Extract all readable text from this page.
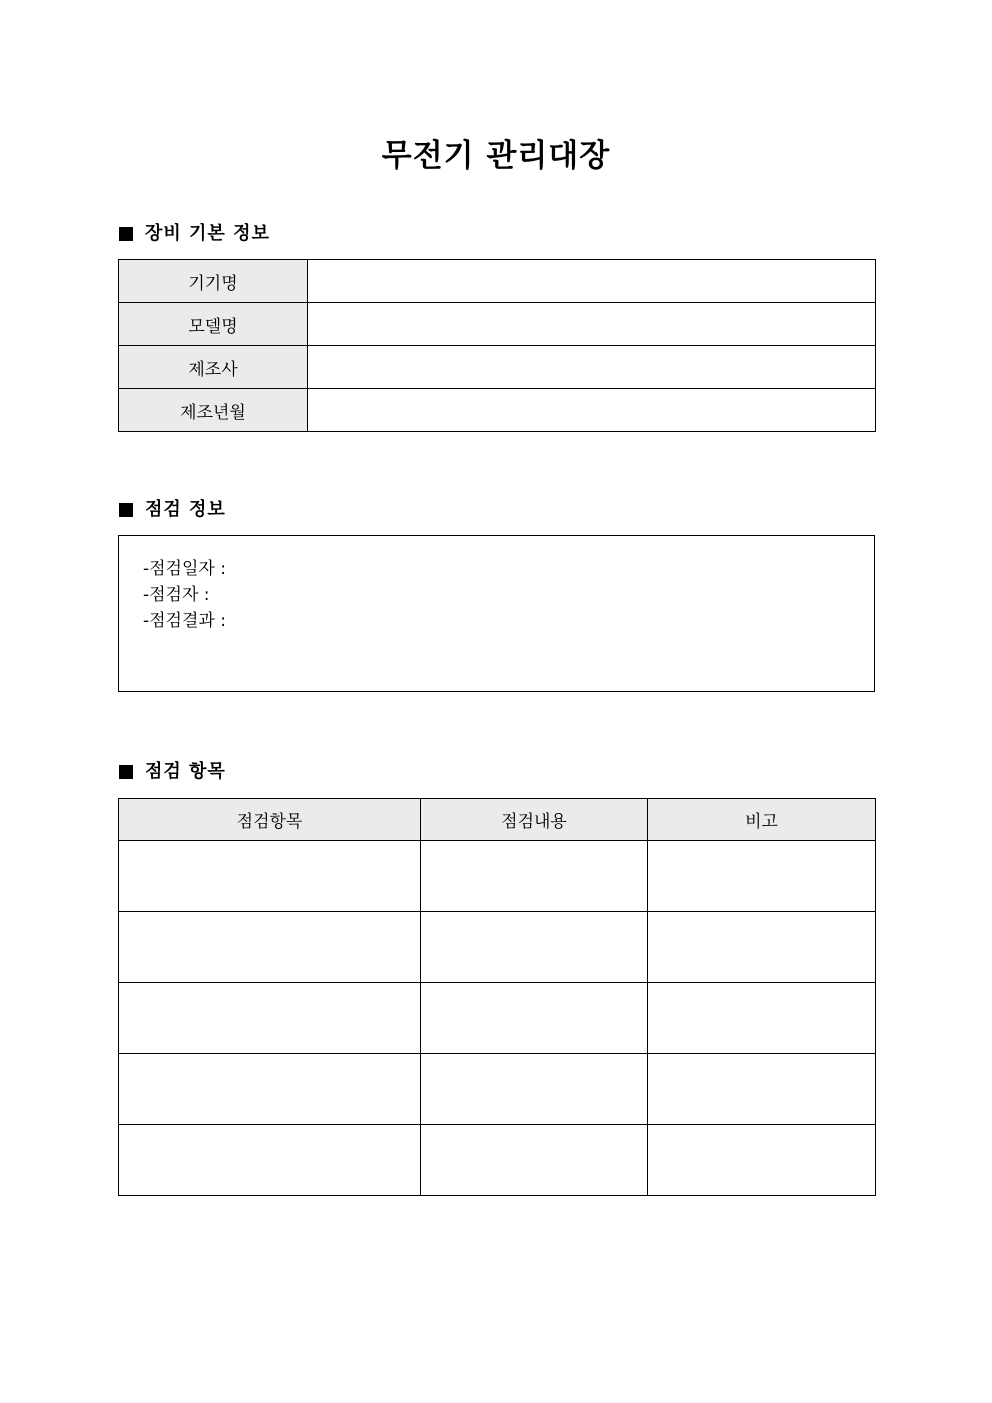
무전기 관리대장
장비 기본 정보
기기명	
모델명	
제조사	
제조년월	
점검 정보
-점검일자 :
-점검자 :
-점검결과 :
점검 항목
점검항목	점검내용	비고
